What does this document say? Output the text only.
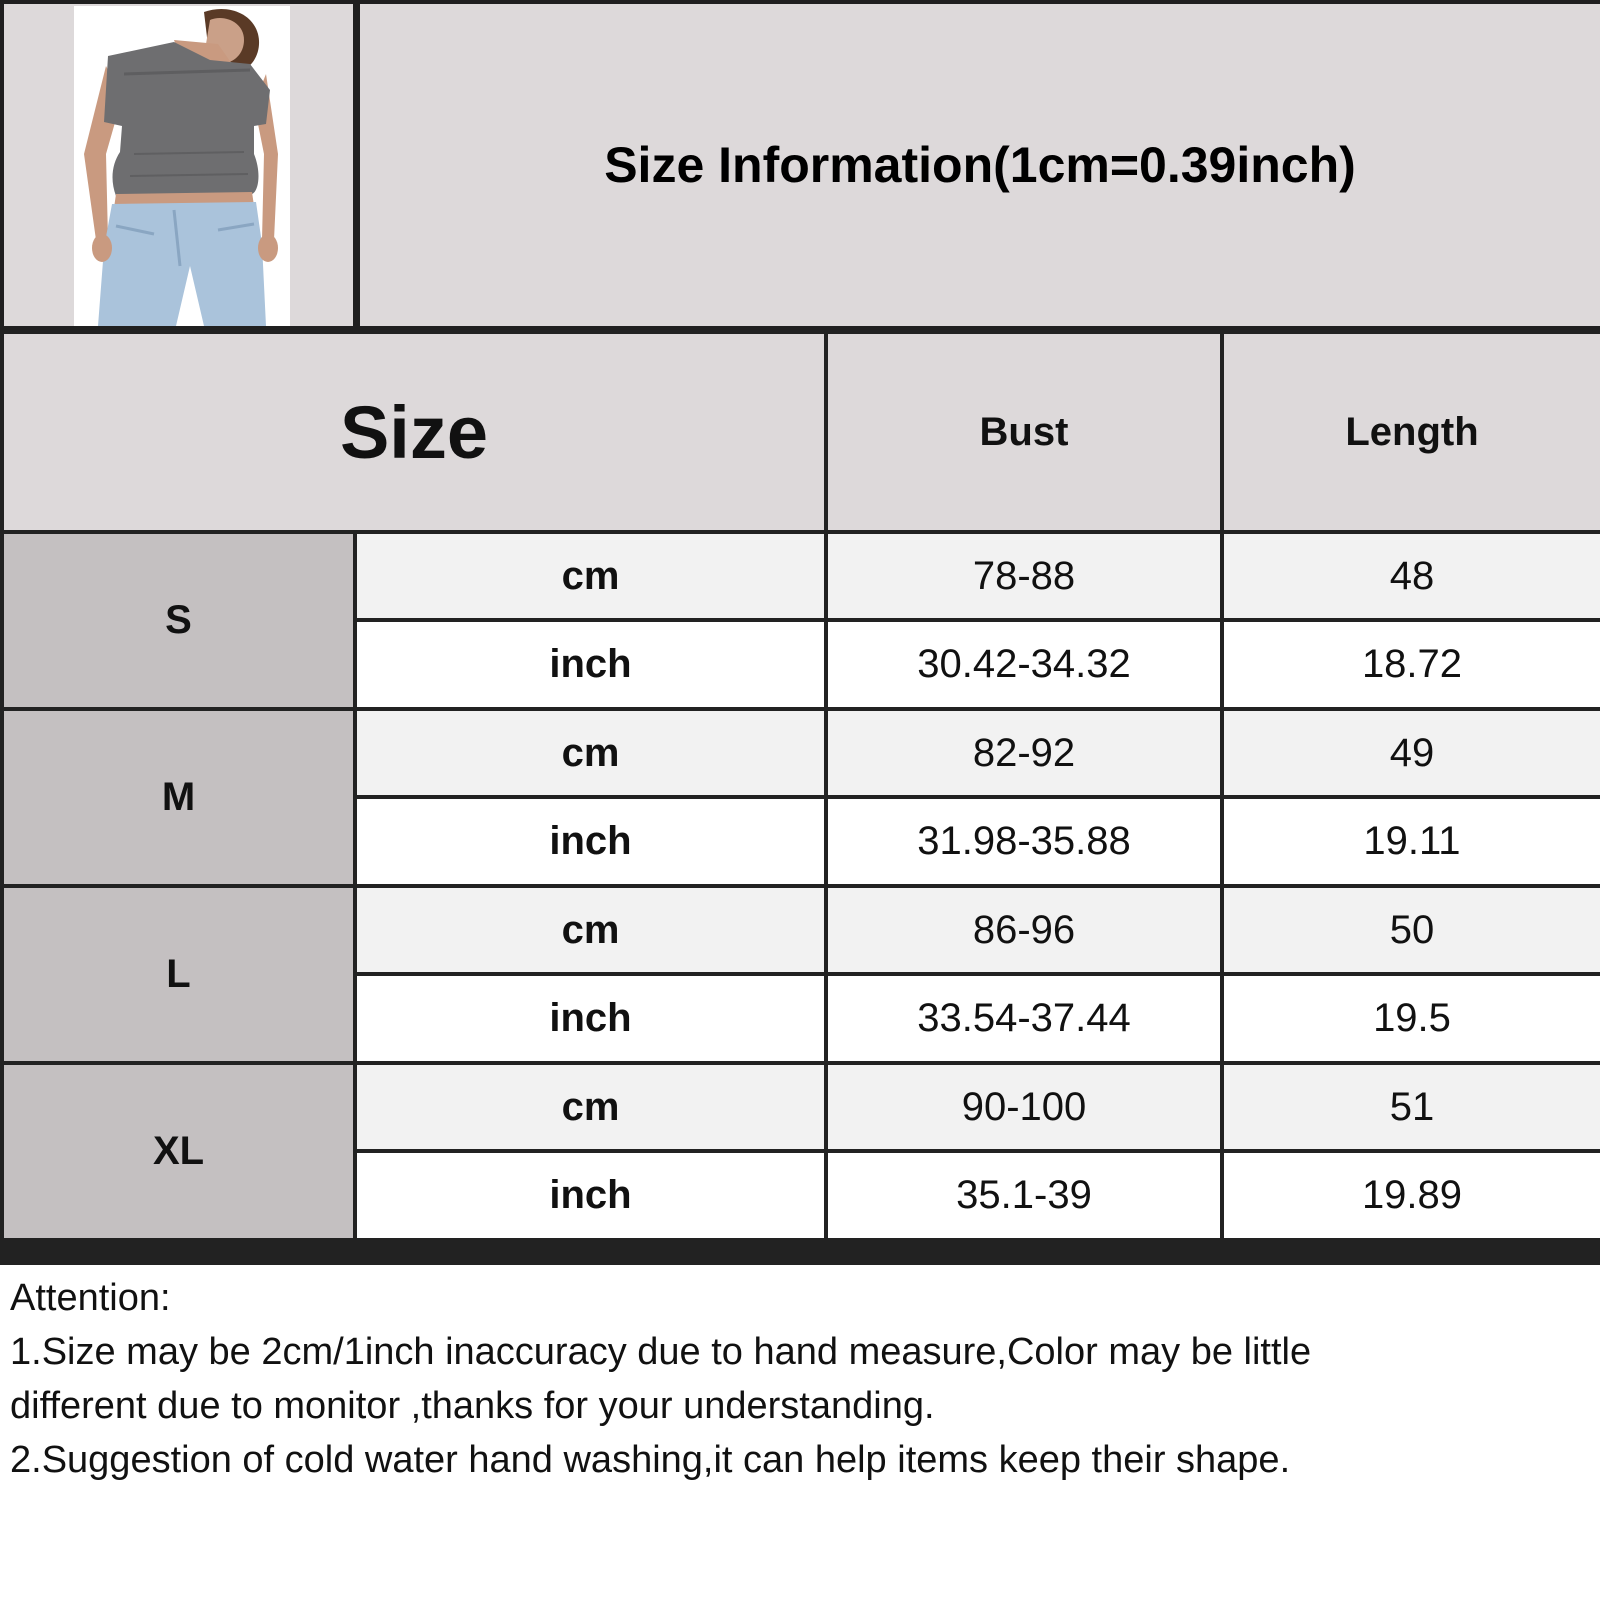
Size Information(1cm=0.39inch)
Size	Bust	Length
S
cm	78-88	48
inch	30.42-34.32	18.72
M
cm	82-92	49
inch	31.98-35.88	19.11
L
cm	86-96	50
inch	33.54-37.44	19.5
XL
cm	90-100	51
inch	35.1-39	19.89

Attention:

1.Size may be 2cm/1inch inaccuracy due to hand measure,Color may be little

different due to monitor ,thanks for your understanding.

2.Suggestion of cold water hand washing,it can help items keep their shape.
